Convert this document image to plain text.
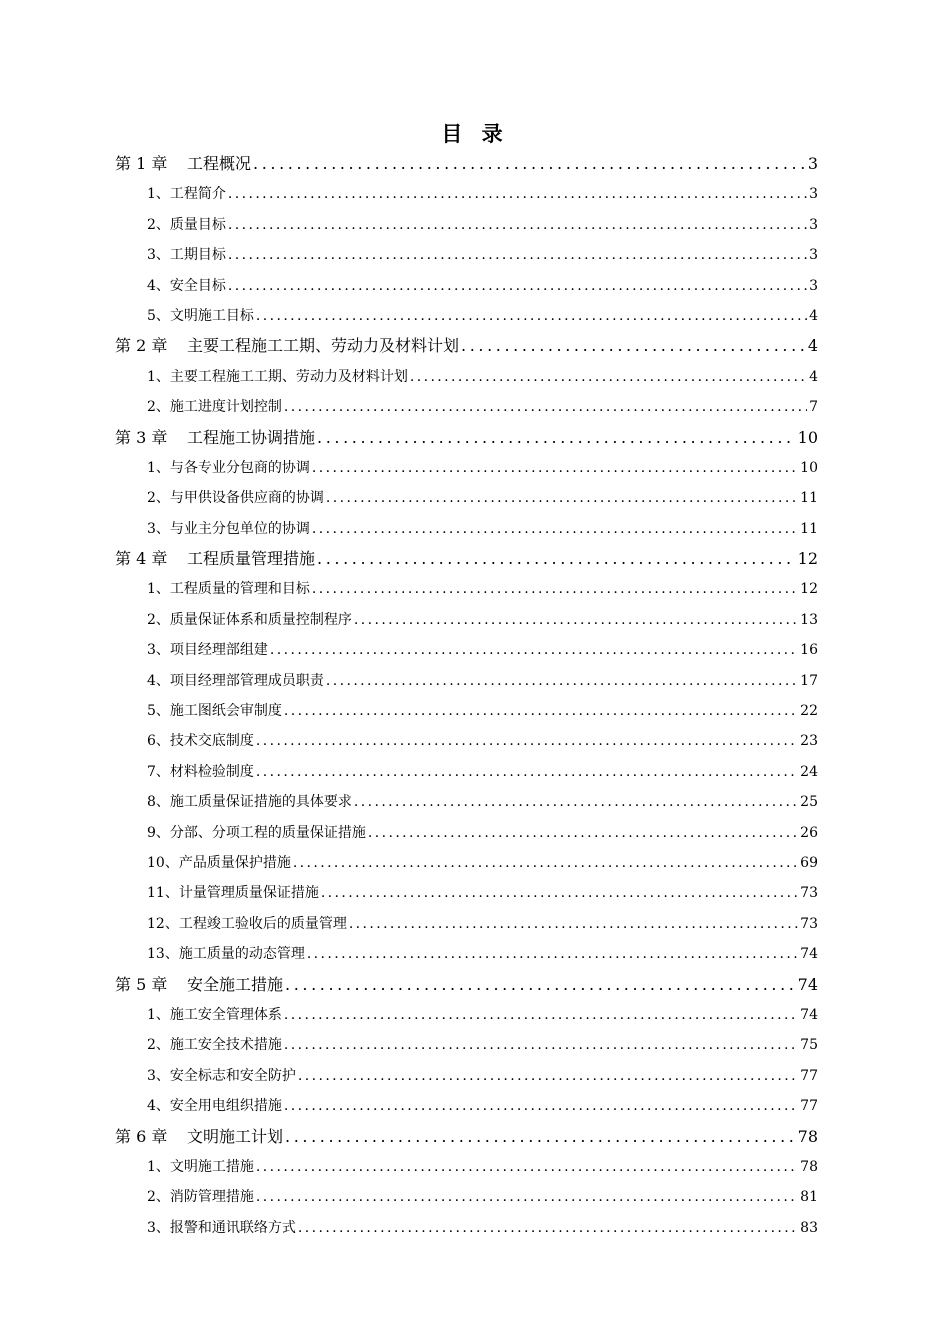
目 录
第 1 章	工程概况 .....	3
1、工程简介 .....	3
2、质量目标 .....	3
3、工期目标 .....	3
4、安全目标 .....	3
5、文明施工目标 .....	4
第 2 章	主要工程施工工期、劳动力及材料计划 .....	4
1、主要工程施工工期、劳动力及材料计划 .....	4
2、施工进度计划控制 .....	7
第 3 章	工程施工协调措施 .....	10
1、与各专业分包商的协调 .....	10
2、与甲供设备供应商的协调 .....	11
3、与业主分包单位的协调 .....	11
第 4 章	工程质量管理措施 .....	12
1、工程质量的管理和目标 .....	12
2、质量保证体系和质量控制程序 .....	13
3、项目经理部组建 .....	16
4、项目经理部管理成员职责 .....	17
5、施工图纸会审制度 .....	22
6、技术交底制度 .....	23
7、材料检验制度 .....	24
8、施工质量保证措施的具体要求 .....	25
9、分部、分项工程的质量保证措施 .....	26
10、产品质量保护措施 .....	69
11、计量管理质量保证措施 .....	73
12、工程竣工验收后的质量管理 .....	73
13、施工质量的动态管理 .....	74
第 5 章	安全施工措施 .....	74
1、施工安全管理体系 .....	74
2、施工安全技术措施 .....	75
3、安全标志和安全防护 .....	77
4、安全用电组织措施 .....	77
第 6 章	文明施工计划 .....	78
1、文明施工措施 .....	78
2、消防管理措施 .....	81
3、报警和通讯联络方式 .....	83
